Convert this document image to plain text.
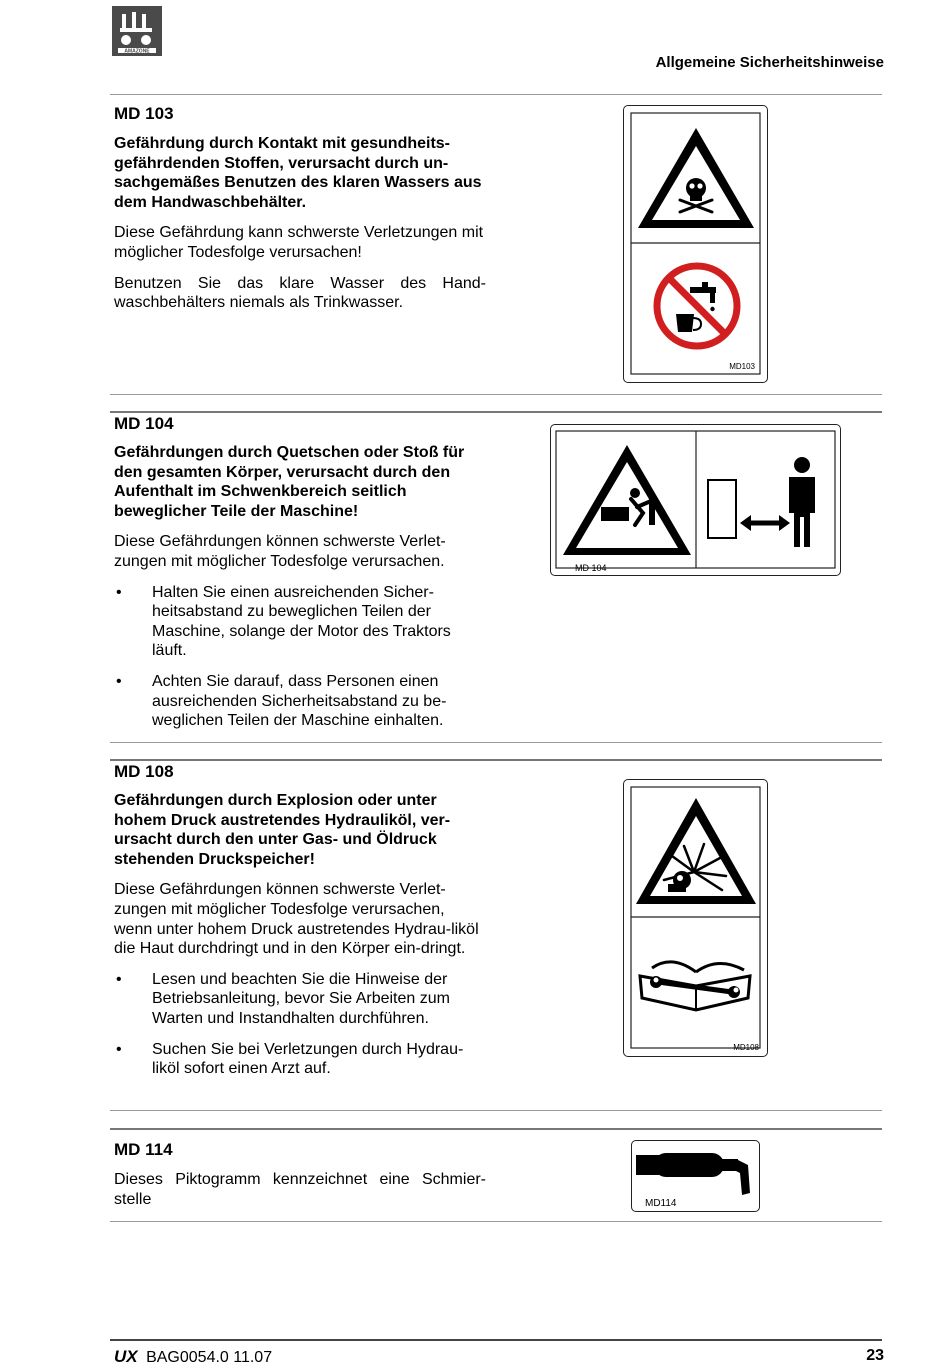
AMAZONE
Allgemeine Sicherheitshinweise
MD 103

Gefährdung durch Kontakt mit gesundheits-gefährdenden Stoffen, verursacht durch un-sachgemäßes Benutzen des klaren Wassers aus dem Handwaschbehälter.

Diese Gefährdung kann schwerste Verletzungen mit möglicher Todesfolge verursachen!

Benutzen Sie das klare Wasser des Hand-waschbehälters niemals als Trinkwasser.

MD103
MD 104

Gefährdungen durch Quetschen oder Stoß für den gesamten Körper, verursacht durch den Aufenthalt im Schwenkbereich seitlich beweglicher Teile der Maschine!

Diese Gefährdungen können schwerste Verlet-zungen mit möglicher Todesfolge verursachen.

• Halten Sie einen ausreichenden Sicher-heitsabstand zu beweglichen Teilen der Maschine, solange der Motor des Traktors läuft.
• Achten Sie darauf, dass Personen einen ausreichenden Sicherheitsabstand zu be-weglichen Teilen der Maschine einhalten.
MD 104
MD 108

Gefährdungen durch Explosion oder unter hohem Druck austretendes Hydrauliköl, ver-ursacht durch den unter Gas- und Öldruck stehenden Druckspeicher!

Diese Gefährdungen können schwerste Verlet-zungen mit möglicher Todesfolge verursachen, wenn unter hohem Druck austretendes Hydrau-liköl die Haut durchdringt und in den Körper ein-dringt.

• Lesen und beachten Sie die Hinweise der Betriebsanleitung, bevor Sie Arbeiten zum Warten und Instandhalten durchführen.
• Suchen Sie bei Verletzungen durch Hydrau-liköl sofort einen Arzt auf.
MD108
MD 114

Dieses Piktogramm kennzeichnet eine Schmier-stelle	MD114
UX BAG0054.0 11.07	23
